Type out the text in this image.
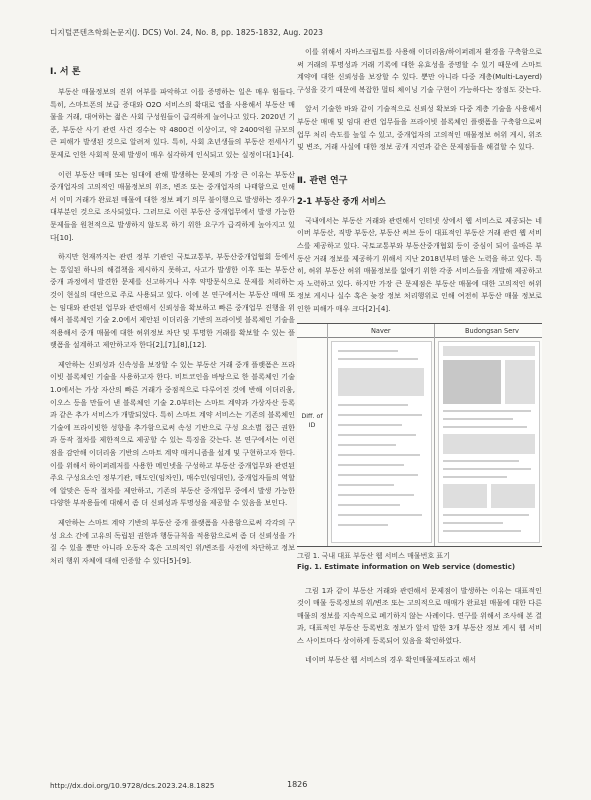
디지털콘텐츠학회논문지(J. DCS) Vol. 24, No. 8, pp. 1825-1832, Aug. 2023
Ⅰ. 서 론

부동산 매물정보의 진위 여부를 파악하고 이를 증명하는 일은 매우 힘들다. 특히, 스마트폰의 보급 증대와 O2O 서비스의 확대로 앱을 사용해서 부동산 매물을 거래, 대여하는 젊은 사회 구성원들이 급격하게 늘어나고 있다. 2020년 기준, 부동산 사기 관련 사건 경수는 약 4800건 이상이고, 약 2400억원 규모의 큰 피해가 발생된 것으로 알려져 있다. 특히, 사회 초년생들의 부동산 전세사기 문제로 인한 사회적 문제 발생이 매우 심각하게 인식되고 있는 실정이다[1]-[4].

이런 부동산 매매 또는 임대에 관해 발생하는 문제의 가장 큰 이유는 부동산 중개업자의 고의적인 매물정보의 위조, 변조 또는 중개업자의 나태함으로 인해서 이미 거래가 완료된 매물에 대한 정보 폐기 의무 불이행으로 발생하는 경우가 대부분인 것으로 조사되었다. 그러므로 이런 부동산 중개업무에서 발생 가능한 문제들을 원천적으로 발생하지 않도록 하기 위한 요구가 급격하게 높아지고 있다[10].

하지만 현재까지는 관련 정부 기관인 국토교통부, 부동산중개업협회 등에서는 통일된 하나의 해결책을 제시하지 못하고, 사고가 발생한 이후 또는 부동산 중개 과정에서 발견한 문제를 신고하거나 사후 약방문식으로 문제를 처리하는 것이 현실의 대안으로 주로 사용되고 있다. 이에 본 연구에서는 부동산 매매 또는 임대와 관련된 업무와 관련해서 신뢰성을 확보하고 빠른 중개업무 진행을 위해서 블록체인 기술 2.0에서 제안된 이더리움 기반의 프라이빗 블록체인 기술을 적용해서 중개 매물에 대한 허위정보 차단 및 투명한 거래를 확보할 수 있는 플랫폼을 설계하고 제안하고자 한다[2],[7],[8],[12].

제안하는 신뢰성과 신속성을 보장할 수 있는 부동산 거래 중개 플랫폼은 프라이빗 블록체인 기술을 사용하고자 한다. 비트코인을 바탕으로 한 블록체인 기술 1.0에서는 가상 자산의 빠른 거래가 중점적으로 다루어진 것에 반해 이더리움, 이오스 등을 만들어 낸 블록체인 기술 2.0부터는 스마트 계약과 가상자산 등록과 같은 추가 서비스가 개발되었다. 특히 스마트 계약 서비스는 기존의 블록체인 기술에 프라이빗한 성향을 추가함으로써 속성 기반으로 구성 요소별 접근 권한과 동작 절차를 제한적으로 제공할 수 있는 특징을 갖는다. 본 연구에서는 이런 점을 감안해 이더리움 기반의 스마트 계약 매커니즘을 설계 및 구현하고자 한다. 이를 위해서 하이퍼레저를 사용한 메인넷을 구성하고 부동산 중개업무와 관련된 주요 구성요소인 정부기관, 매도인(임차인), 매수인(임대인), 중개업자들의 역할에 알맞은 동작 절차를 제안하고, 기존의 부동산 중개업무 중에서 발생 가능한 다양한 부작용들에 대해서 좀 더 신뢰성과 투명성을 제공할 수 있음을 보인다.

제안하는 스마트 계약 기반의 부동산 중개 플랫폼을 사용함으로써 각각의 구성 요소 간에 고유의 독립된 권한과 행동규칙을 적용함으로써 좀 더 신뢰성을 가질 수 있을 뿐만 아니라 오동작 혹은 고의적인 위/변조를 사전에 차단하고 정보처리 행위 자체에 대해 인증할 수 있다[5]-[9].

이를 위해서 자바스크립트를 사용해 이더리움/하이퍼레저 환경을 구축함으로써 거래의 투명성과 거래 기록에 대한 유효성을 증명할 수 있기 때문에 스마트 계약에 대한 신뢰성을 보장할 수 있다. 뿐만 아니라 다중 계층(Multi-Layerd) 구성을 갖기 때문에 복잡한 멀티 체이닝 기술 구현이 가능하다는 장점도 갖는다.

앞서 기술한 바와 같이 기술적으로 신뢰성 확보와 다중 계층 기술을 사용해서 부동산 매매 및 임대 관련 업무들을 프라이빗 블록체인 플랫폼을 구축함으로써 업무 처리 속도를 높일 수 있고, 중개업자의 고의적인 매물정보 허위 게시, 위조 및 변조, 거래 사실에 대한 정보 공개 지연과 같은 문제점들을 해결할 수 있다.

Ⅱ. 관련 연구
2-1 부동산 중개 서비스

국내에서는 부동산 거래와 관련해서 인터넷 상에서 웹 서비스로 제공되는 네이버 부동산, 직방 부동산, 부동산 써브 등이 대표적인 부동산 거래 관련 웹 서비스를 제공하고 있다. 국토교통부와 부동산중개협회 등이 중심이 되어 올바른 부동산 거래 정보를 제공하기 위해서 지난 2018년부터 많은 노력을 하고 있다. 특히, 허위 부동산 허위 매물정보를 없애기 위한 각종 서비스들을 개발해 제공하고자 노력하고 있다. 하지만 가장 큰 문제점은 부동산 매물에 대한 고의적인 허위 정보 게시나 실수 혹은 늦장 정보 처리행위로 인해 여전히 부동산 매물 정보로 인한 피해가 매우 크다[2]-[4].

Naver	Budongsan Serv
Diff. of ID
그림 1. 국내 대표 부동산 웹 서비스 매물번호 표기
Fig. 1. Estimate information on Web service (domestic)

그림 1과 같이 부동산 거래와 관련해서 문제점이 발생하는 이유는 대표적인 것이 매물 등록정보의 위/변조 또는 고의적으로 매매가 완료된 매물에 대한 다른 매물의 정보를 지속적으로 폐기하지 않는 사례이다. 연구를 위해서 조사해 본 결과, 대표적인 부동산 등록번호 정보가 앞서 말한 3개 부동산 정보 게시 웹 서비스 사이트마다 상이하게 등록되어 있음을 확인하였다.

네이버 부동산 웹 서비스의 경우 확인매물제도라고 해서

http://dx.doi.org/10.9728/dcs.2023.24.8.1825	1826
